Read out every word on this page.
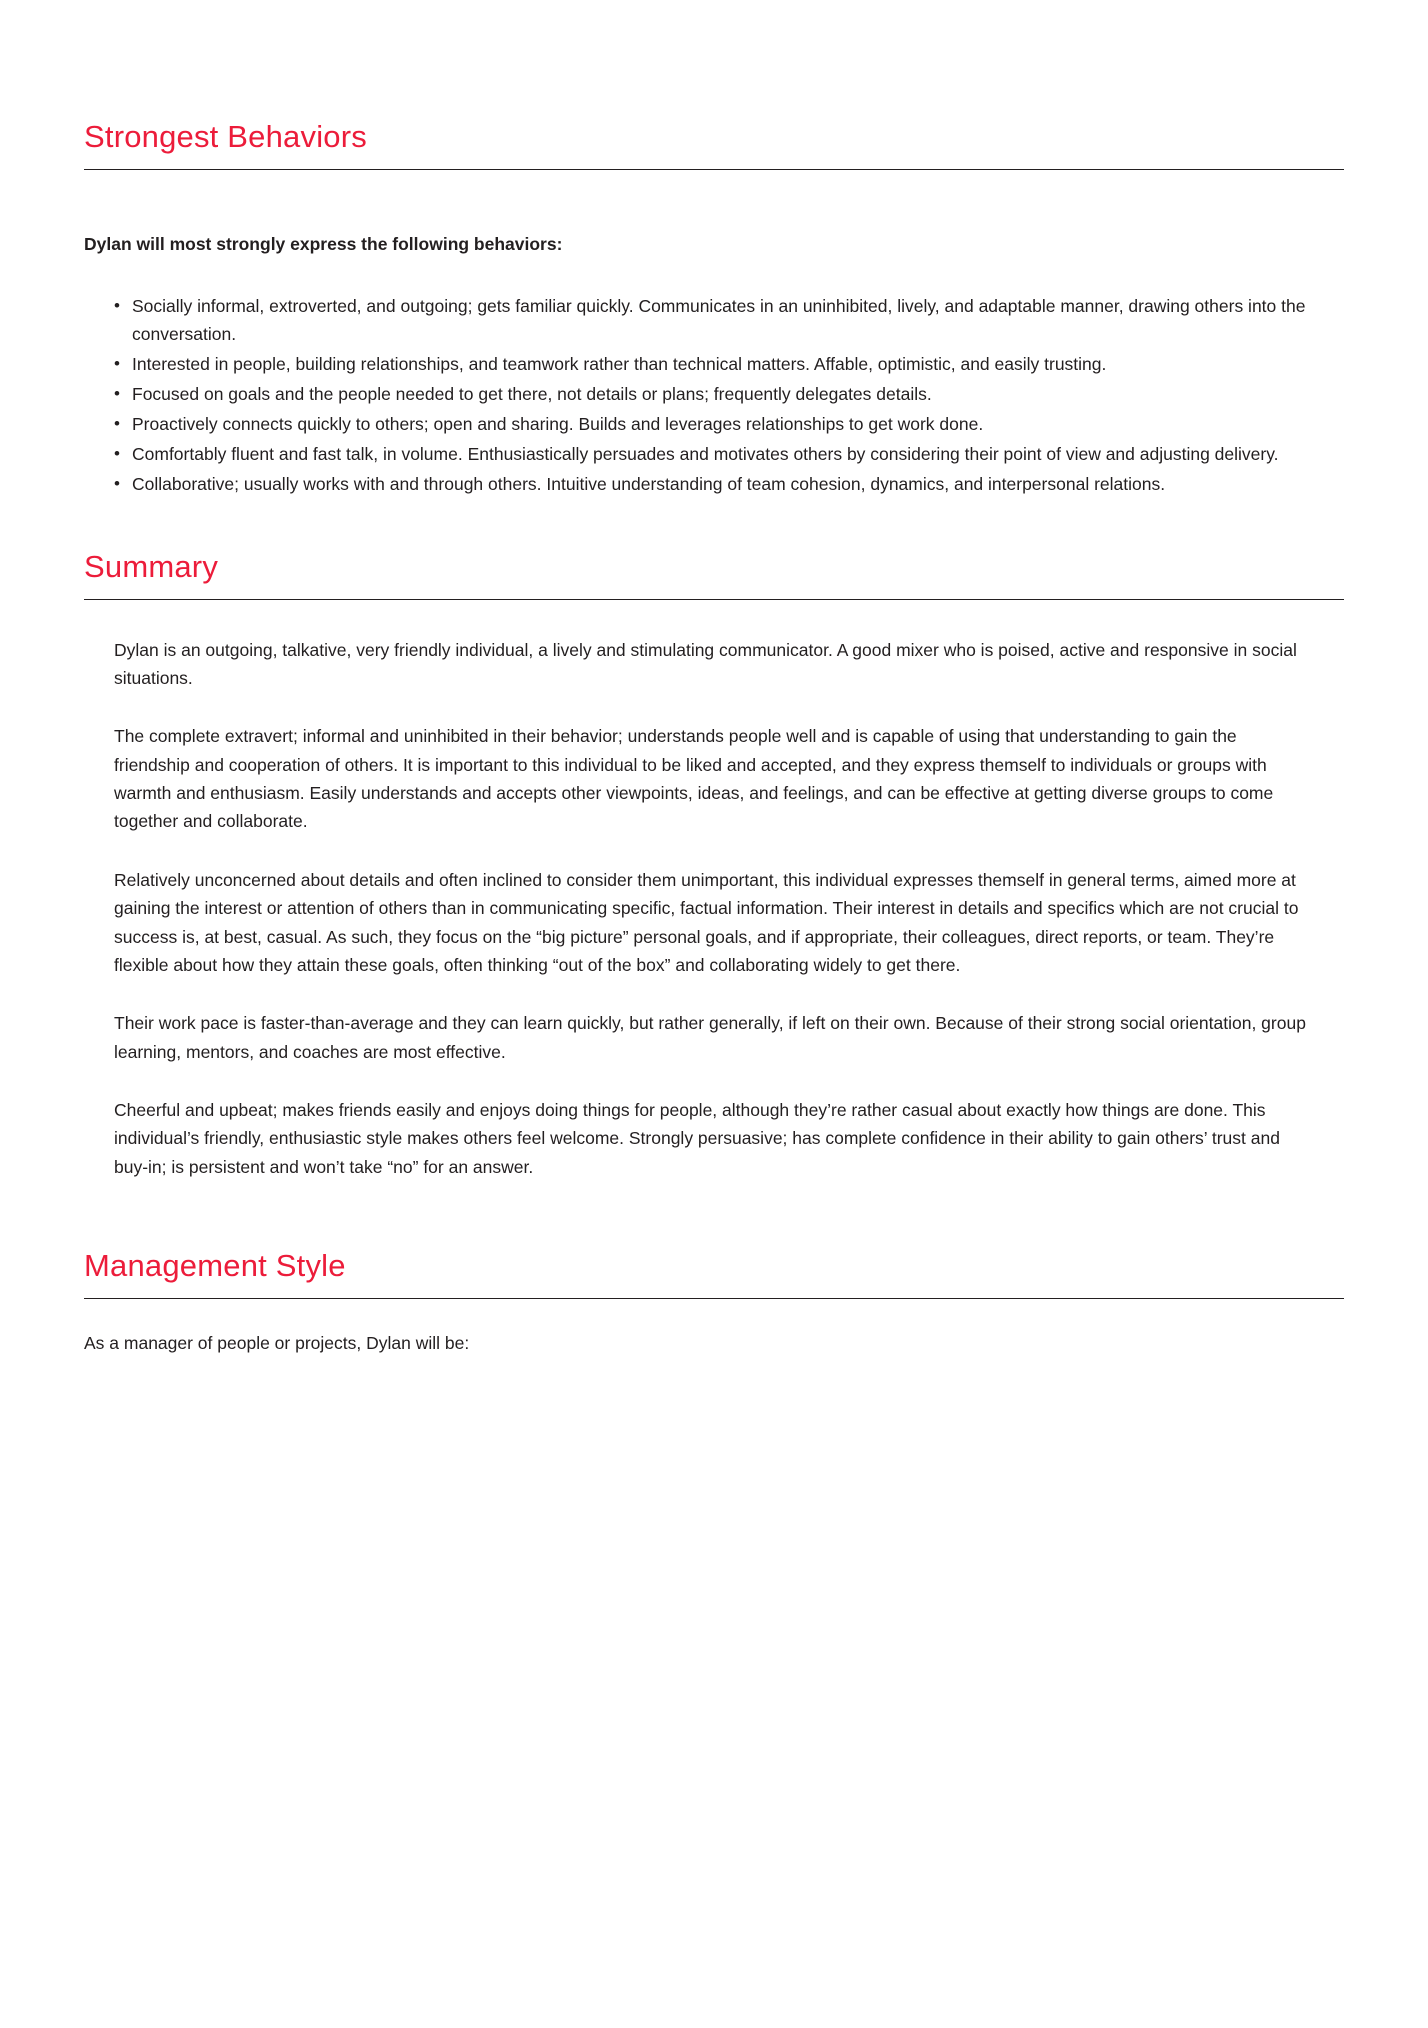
Strongest Behaviors

Dylan will most strongly express the following behaviors:

• Socially informal, extroverted, and outgoing; gets familiar quickly. Communicates in an uninhibited, lively, and adaptable manner, drawing others into the conversation.
• Interested in people, building relationships, and teamwork rather than technical matters. Affable, optimistic, and easily trusting.
• Focused on goals and the people needed to get there, not details or plans; frequently delegates details.
• Proactively connects quickly to others; open and sharing. Builds and leverages relationships to get work done.
• Comfortably fluent and fast talk, in volume. Enthusiastically persuades and motivates others by considering their point of view and adjusting delivery.
• Collaborative; usually works with and through others. Intuitive understanding of team cohesion, dynamics, and interpersonal relations.
Summary

Dylan is an outgoing, talkative, very friendly individual, a lively and stimulating communicator. A good mixer who is poised, active and responsive in social situations.

The complete extravert; informal and uninhibited in their behavior; understands people well and is capable of using that understanding to gain the friendship and cooperation of others. It is important to this individual to be liked and accepted, and they express themself to individuals or groups with warmth and enthusiasm. Easily understands and accepts other viewpoints, ideas, and feelings, and can be effective at getting diverse groups to come together and collaborate.

Relatively unconcerned about details and often inclined to consider them unimportant, this individual expresses themself in general terms, aimed more at gaining the interest or attention of others than in communicating specific, factual information. Their interest in details and specifics which are not crucial to success is, at best, casual. As such, they focus on the “big picture” personal goals, and if appropriate, their colleagues, direct reports, or team. They’re flexible about how they attain these goals, often thinking “out of the box” and collaborating widely to get there.

Their work pace is faster-than-average and they can learn quickly, but rather generally, if left on their own. Because of their strong social orientation, group learning, mentors, and coaches are most effective.

Cheerful and upbeat; makes friends easily and enjoys doing things for people, although they’re rather casual about exactly how things are done. This individual’s friendly, enthusiastic style makes others feel welcome. Strongly persuasive; has complete confidence in their ability to gain others’ trust and buy-in; is persistent and won’t take “no” for an answer.

Management Style

As a manager of people or projects, Dylan will be:
